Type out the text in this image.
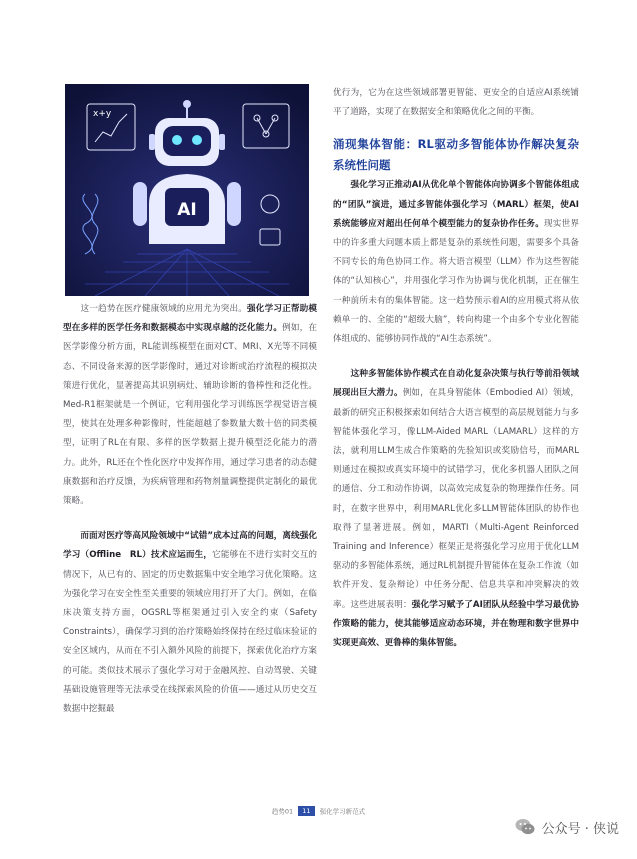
x+y
AI

　　这一趋势在医疗健康领域的应用尤为突出。强化学习正帮助模型在多样的医学任务和数据模态中实现卓越的泛化能力。例如，在医学影像分析方面，RL能训练模型在面对CT、MRI、X光等不同模态、不同设备来源的医学影像时，通过对诊断或治疗流程的模拟决策进行优化，显著提高其识别病灶、辅助诊断的鲁棒性和泛化性。Med-R1框架就是一个例证，它利用强化学习训练医学视觉语言模型，使其在处理多种影像时，性能超越了参数量大数十倍的同类模型，证明了RL在有限、多样的医学数据上提升模型泛化能力的潜力。此外，RL还在个性化医疗中发挥作用，通过学习患者的动态健康数据和治疗反馈，为疾病管理和药物剂量调整提供定制化的最优策略。

　　而面对医疗等高风险领域中“试错”成本过高的问题，离线强化学习（Offline　RL）技术应运而生，它能够在不进行实时交互的情况下，从已有的、固定的历史数据集中安全地学习优化策略。这为强化学习在安全性至关重要的领域应用打开了大门。例如，在临床决策支持方面，OGSRL等框架通过引入安全约束（Safety Constraints），确保学习到的治疗策略始终保持在经过临床验证的安全区域内，从而在不引入额外风险的前提下，探索优化治疗方案的可能。类似技术展示了强化学习对于金融风控、自动驾驶、关键基础设施管理等无法承受在线探索风险的价值——通过从历史交互数据中挖掘最

优行为，它为在这些领域部署更智能、更安全的自适应AI系统铺平了道路，实现了在数据安全和策略优化之间的平衡。

涌现集体智能：RL驱动多智能体协作解决复杂系统性问题

　　强化学习正推动AI从优化单个智能体向协调多个智能体组成的“团队”演进，通过多智能体强化学习（MARL）框架，使AI系统能够应对超出任何单个模型能力的复杂协作任务。现实世界中的许多重大问题本质上都是复杂的系统性问题，需要多个具备不同专长的角色协同工作。将大语言模型（LLM）作为这些智能体的“认知核心”，并用强化学习作为协调与优化机制，正在催生一种前所未有的集体智能。这一趋势预示着AI的应用模式将从依赖单一的、全能的“超级大脑”，转向构建一个由多个专业化智能体组成的、能够协同作战的“AI生态系统”。

　　这种多智能体协作模式在自动化复杂决策与执行等前沿领域展现出巨大潜力。例如，在具身智能体（Embodied AI）领域，最新的研究正积极探索如何结合大语言模型的高层规划能力与多智能体强化学习，像LLM-Aided MARL（LAMARL）这样的方法，就利用LLM生成合作策略的先验知识或奖励信号，而MARL则通过在模拟或真实环境中的试错学习，优化多机器人团队之间的通信、分工和动作协调，以高效完成复杂的物理操作任务。同时，在数字世界中，利用MARL优化多LLM智能体团队的协作也取得了显著进展。例如，MARTI（Multi-Agent Reinforced Training and Inference）框架正是将强化学习应用于优化LLM驱动的多智能体系统，通过RL机制提升智能体在复杂工作流（如软件开发、复杂辩论）中任务分配、信息共享和冲突解决的效率。这些进展表明：强化学习赋予了AI团队从经验中学习最优协作策略的能力，使其能够适应动态环境，并在物理和数字世界中实现更高效、更鲁棒的集体智能。

趋势01 11 强化学习新范式
公众号 · 侠说
